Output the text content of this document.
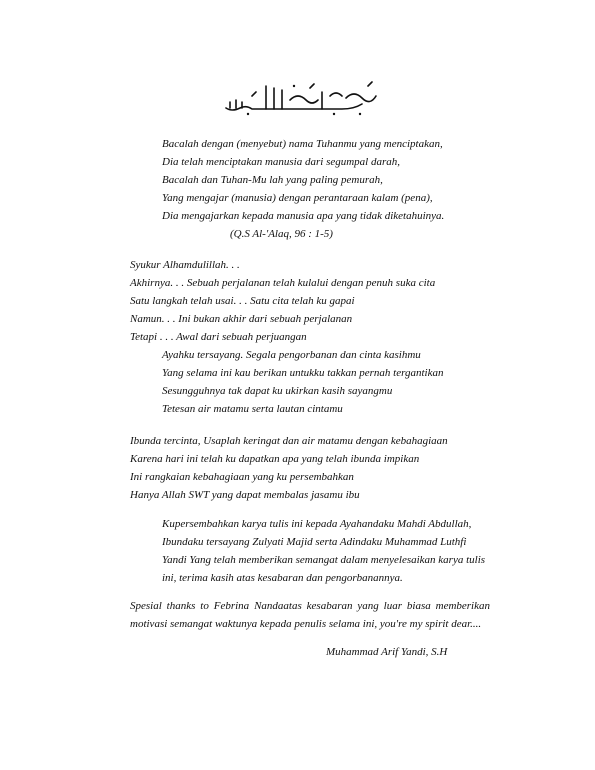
Bacalah dengan (menyebut) nama Tuhanmu yang menciptakan,
Dia telah menciptakan manusia dari segumpal darah,
Bacalah dan Tuhan-Mu lah yang paling pemurah,
Yang mengajar (manusia) dengan perantaraan kalam (pena),
Dia mengajarkan kepada manusia apa yang tidak diketahuinya.
(Q.S Al-'Alaq, 96 : 1-5)
Syukur Alhamdulillah. . .
Akhirnya. . . Sebuah perjalanan telah kulalui dengan penuh suka cita
Satu langkah telah usai. . . Satu cita telah ku gapai
Namun. . . Ini bukan akhir dari sebuah perjalanan
Tetapi . . . Awal dari sebuah perjuangan
Ayahku tersayang. Segala pengorbanan dan cinta kasihmu
Yang selama ini kau berikan untukku takkan pernah tergantikan
Sesungguhnya tak dapat ku ukirkan kasih sayangmu
Tetesan air matamu serta lautan cintamu
Ibunda tercinta, Usaplah keringat dan air matamu dengan kebahagiaan
Karena hari ini telah ku dapatkan apa yang telah ibunda impikan
Ini rangkaian kebahagiaan yang ku persembahkan
Hanya Allah SWT yang dapat membalas jasamu ibu
Kupersembahkan karya tulis ini kepada Ayahandaku Mahdi Abdullah,
Ibundaku tersayang Zulyati Majid serta Adindaku Muhammad Luthfi
Yandi Yang telah memberikan semangat dalam menyelesaikan karya tulis
ini, terima kasih atas kesabaran dan pengorbanannya.
Spesial thanks to Febrina Nandaatas kesabaran yang luar biasa memberikan
motivasi semangat waktunya kepada penulis selama ini, you're my spirit dear....
Muhammad Arif Yandi, S.H
